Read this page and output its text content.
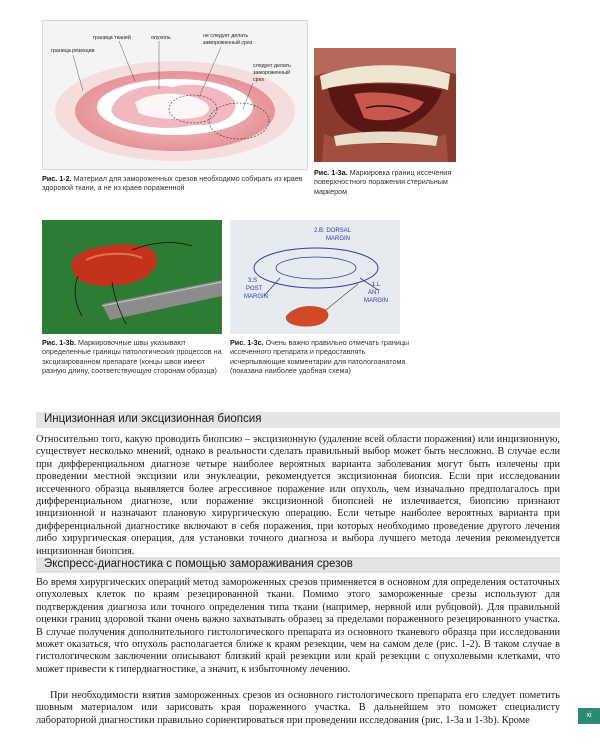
граница тканей	опухоль
граница резекции
не следует делать
замороженный срез
следует делать
замороженный
срез
Рис. 1-2. Материал для замороженных срезов необходимо собирать из краев здоровой ткани, а не из краев пораженной
Рис. 1-3a. Маркировка границ иссечения поверхностного поражения стерильным маркером
Рис. 1-3b. Маркировочные швы указывают определенные границы патологических процессов на эксцизированном препарате (концы швов имеют разную длину, соответствующую сторонам образца)
2.B: DORSAL
MARGIN
3.S
POST
MARGIN
1.L
ANT
MARGIN
Рис. 1-3c. Очень важно правильно отмечать границы иссеченного препарата и предоставлять исчерпывающие комментарии для патологоанатома (показана наиболее удобная схема)
Инцизионная или эксцизионная биопсия

Относительно того, какую проводить биопсию – эксцизионную (удаление всей области поражения) или инцизионную, существует несколько мнений, однако в реальности сделать правильный выбор может быть несложно. В случае если при дифференциальном диагнозе четыре наиболее вероятных варианта заболевания могут быть излечены при проведении местной эксцизии или энуклеации, рекомендуется эксцизионная биопсия. Если при исследовании иссеченного образца выявляется более агрессивное поражение или опухоль, чем изначально предполагалось при дифференциальном диагнозе, или поражение эксцизионной биопсией не излечивается, биопсию признают инцизионной и назначают плановую хирургическую операцию. Если четыре наиболее вероятных варианта при дифференциальной диагностике включают в себя поражения, при которых необходимо проведение другого лечения либо хирургическая операция, для установки точного диагноза и выбора лучшего метода лечения рекомендуется инцизионная биопсия.

Экспресс-диагностика с помощью замораживания срезов

Во время хирургических операций метод замороженных срезов применяется в основном для определения остаточных опухолевых клеток по краям резецированной ткани. Помимо этого замороженные срезы используют для подтверждения диагноза или точного определения типа ткани (например, нервной или рубцовой). Для правильной оценки границ здоровой ткани очень важно захватывать образец за пределами пораженного резецированного участка. В случае получения дополнительного гистологического препарата из основного тканевого образца при исследовании может оказаться, что опухоль располагается ближе к краям резекции, чем на самом деле (рис. 1-2). В таком случае в гистологическом заключении описывают близкий край резекции или край резекции с опухолевыми клетками, что может привести к гипердиагностике, а значит, к избыточному лечению.

При необходимости взятия замороженных срезов из основного гистологического препарата его следует пометить шовным материалом или зарисовать края пораженного участка. В дальнейшем это поможет специалисту лабораторной диагностики правильно сориентироваться при проведении исследования (рис. 1-3a и 1-3b). Кроме	xi
